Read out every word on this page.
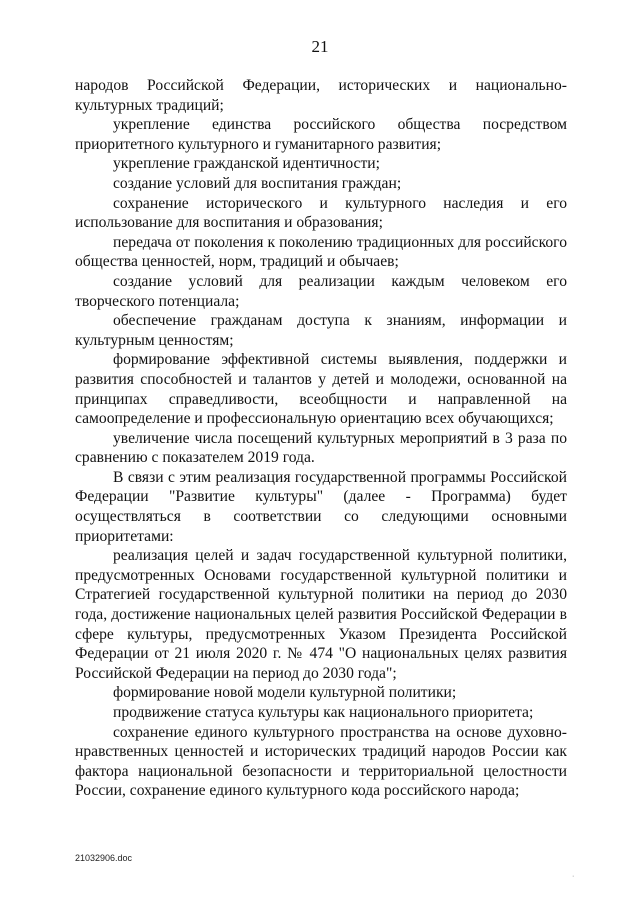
21

народов Российской Федерации, исторических и национально-культурных традиций;

укрепление единства российского общества посредством приоритетного культурного и гуманитарного развития;

укрепление гражданской идентичности;

создание условий для воспитания граждан;

сохранение исторического и культурного наследия и его использование для воспитания и образования;

передача от поколения к поколению традиционных для российского общества ценностей, норм, традиций и обычаев;

создание условий для реализации каждым человеком его творческого потенциала;

обеспечение гражданам доступа к знаниям, информации и культурным ценностям;

формирование эффективной системы выявления, поддержки и развития способностей и талантов у детей и молодежи, основанной на принципах справедливости, всеобщности и направленной на самоопределение и профессиональную ориентацию всех обучающихся;

увеличение числа посещений культурных мероприятий в 3 раза по сравнению с показателем 2019 года.

В связи с этим реализация государственной программы Российской Федерации "Развитие культуры" (далее - Программа) будет осуществляться в соответствии со следующими основными приоритетами:

реализация целей и задач государственной культурной политики, предусмотренных Основами государственной культурной политики и Стратегией государственной культурной политики на период до 2030 года, достижение национальных целей развития Российской Федерации в сфере культуры, предусмотренных Указом Президента Российской Федерации от 21 июля 2020 г. № 474 "О национальных целях развития Российской Федерации на период до 2030 года";

формирование новой модели культурной политики;

продвижение статуса культуры как национального приоритета;

сохранение единого культурного пространства на основе духовно-нравственных ценностей и исторических традиций народов России как фактора национальной безопасности и территориальной целостности России, сохранение единого культурного кода российского народа;

21032906.doc
·
